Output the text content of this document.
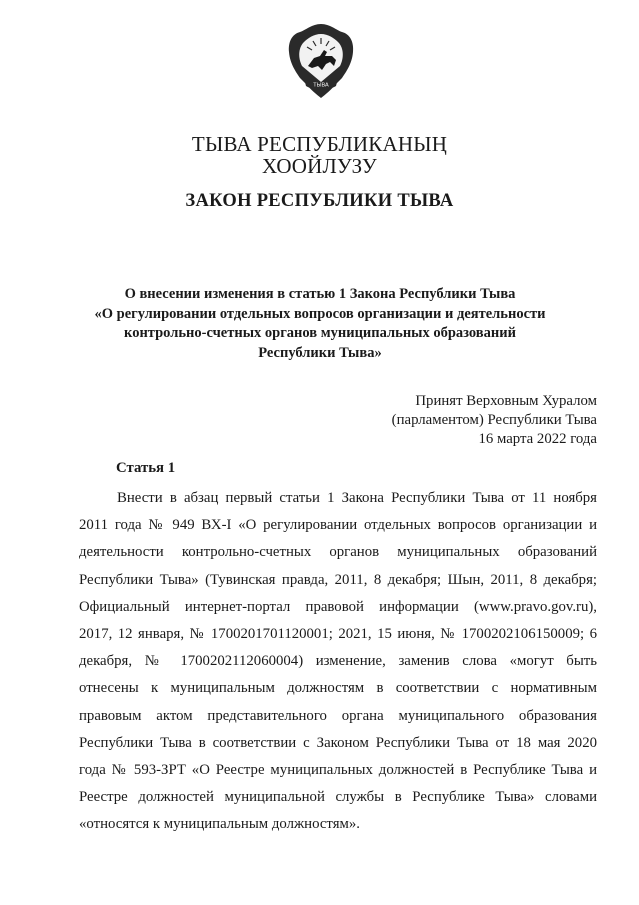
ТЫВА
ТЫВА РЕСПУБЛИКАНЫҢ
ХООЙЛУЗУ
ЗАКОН РЕСПУБЛИКИ ТЫВА
О внесении изменения в статью 1 Закона Республики Тыва
«О регулировании отдельных вопросов организации и деятельности
контрольно-счетных органов муниципальных образований
Республики Тыва»
Принят Верховным Хуралом
(парламентом) Республики Тыва
16 марта 2022 года
Статья 1
Внести в абзац первый статьи 1 Закона Республики Тыва от 11 ноября
2011 года № 949 ВХ-I «О регулировании отдельных вопросов организации и
деятельности контрольно-счетных органов муниципальных образований
Республики Тыва» (Тувинская правда, 2011, 8 декабря; Шын, 2011, 8 декабря;
Официальный интернет-портал правовой информации (www.pravo.gov.ru),
2017, 12 января, № 1700201701120001; 2021, 15 июня, № 1700202106150009; 6
декабря, № 1700202112060004) изменение, заменив слова «могут быть
отнесены к муниципальным должностям в соответствии с нормативным
правовым актом представительного органа муниципального образования
Республики Тыва в соответствии с Законом Республики Тыва от 18 мая 2020
года № 593-ЗРТ «О Реестре муниципальных должностей в Республике Тыва и
Реестре должностей муниципальной службы в Республике Тыва» словами
«относятся к муниципальным должностям».
